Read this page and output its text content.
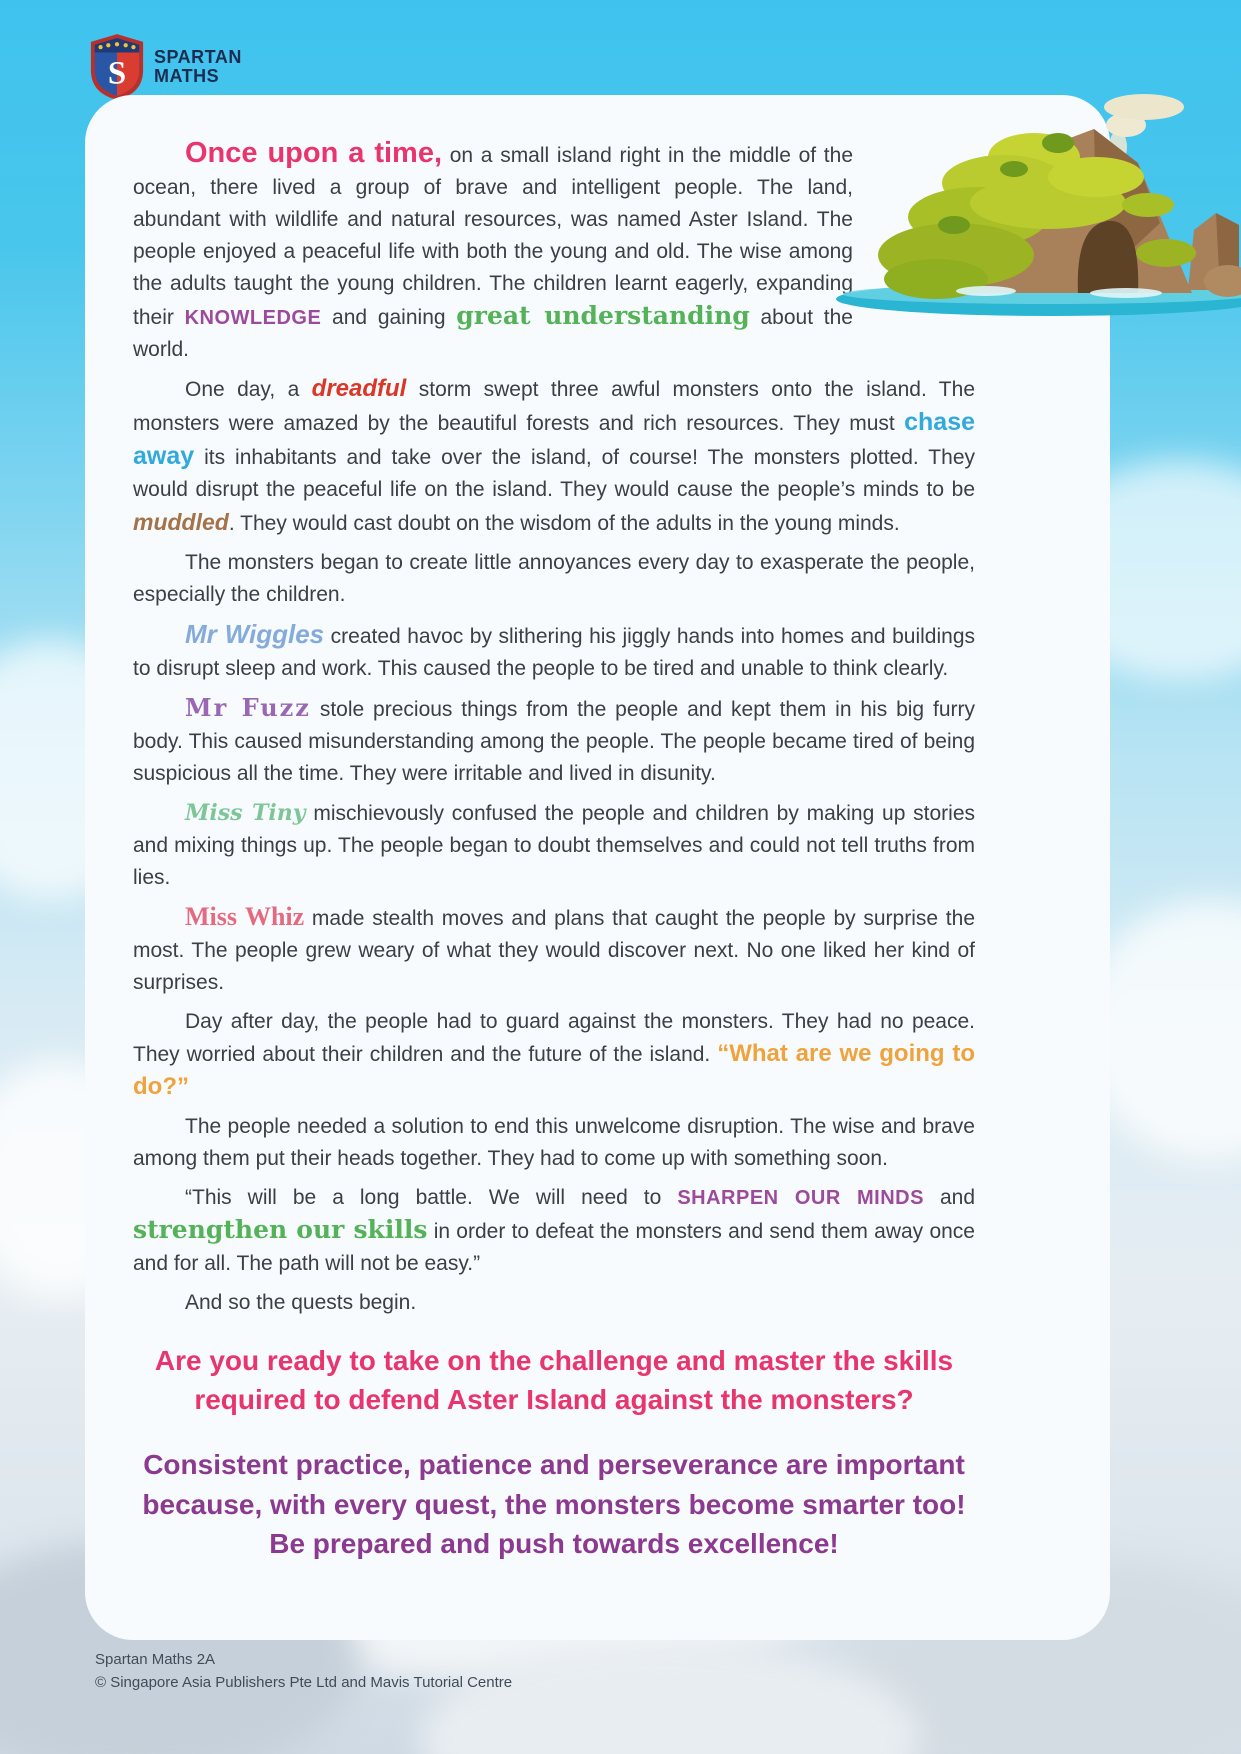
S SPARTAN
MATHS

Once upon a time, on a small island right in the middle of the ocean, there lived a group of brave and intelligent people. The land, abundant with wildlife and natural resources, was named Aster Island. The people enjoyed a peaceful life with both the young and old. The wise among the adults taught the young children. The children learnt eagerly, expanding their KNOWLEDGE and gaining great understanding about the world.

One day, a dreadful storm swept three awful monsters onto the island. The monsters were amazed by the beautiful forests and rich resources. They must chase away its inhabitants and take over the island, of course! The monsters plotted. They would disrupt the peaceful life on the island. They would cause the people’s minds to be muddled. They would cast doubt on the wisdom of the adults in the young minds.

The monsters began to create little annoyances every day to exasperate the people, especially the children.

Mr Wiggles created havoc by slithering his jiggly hands into homes and buildings to disrupt sleep and work. This caused the people to be tired and unable to think clearly.

Mr Fuzz stole precious things from the people and kept them in his big furry body. This caused misunderstanding among the people. The people became tired of being suspicious all the time. They were irritable and lived in disunity.

Miss Tiny mischievously confused the people and children by making up stories and mixing things up. The people began to doubt themselves and could not tell truths from lies.

Miss Whiz made stealth moves and plans that caught the people by surprise the most. The people grew weary of what they would discover next. No one liked her kind of surprises.

Day after day, the people had to guard against the monsters. They had no peace. They worried about their children and the future of the island. “What are we going to do?”

The people needed a solution to end this unwelcome disruption. The wise and brave among them put their heads together. They had to come up with something soon.

“This will be a long battle. We will need to SHARPEN OUR MINDS and strengthen our skills in order to defeat the monsters and send them away once and for all. The path will not be easy.”

And so the quests begin.

Are you ready to take on the challenge and master the skills required to defend Aster Island against the monsters?
Consistent practice, patience and perseverance are important because, with every quest, the monsters become smarter too! Be prepared and push towards excellence!
Spartan Maths 2A
© Singapore Asia Publishers Pte Ltd and Mavis Tutorial Centre
